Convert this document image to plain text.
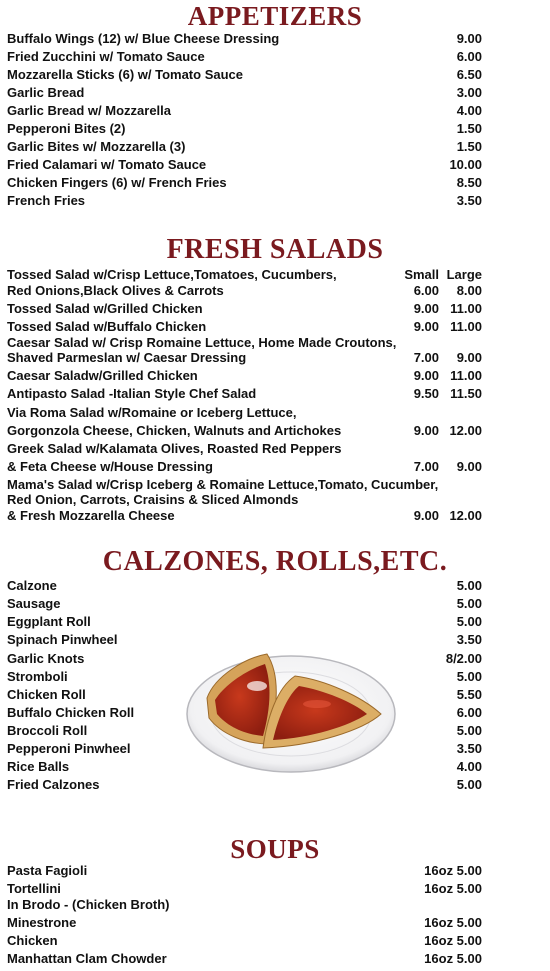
APPETIZERS
Buffalo Wings (12) w/ Blue Cheese Dressing	9.00
Fried Zucchini w/ Tomato Sauce	6.00
Mozzarella Sticks (6) w/ Tomato Sauce	6.50
Garlic Bread	3.00
Garlic Bread w/ Mozzarella	4.00
Pepperoni Bites (2)	1.50
Garlic Bites w/ Mozzarella (3)	1.50
Fried Calamari w/ Tomato Sauce	10.00
Chicken Fingers (6) w/ French Fries	8.50
French Fries	3.50
FRESH SALADS
Tossed Salad w/Crisp Lettuce,Tomatoes, Cucumbers,	Small Large
Red Onions,Black Olives & Carrots	6.00 8.00
Tossed Salad w/Grilled Chicken	9.00 11.00
Tossed Salad w/Buffalo Chicken	9.00 11.00
Caesar Salad w/ Crisp Romaine Lettuce, Home Made Croutons,
Shaved Parmeslan w/ Caesar Dressing	7.00 9.00
Caesar Saladw/Grilled Chicken	9.00 11.00
Antipasto Salad -Italian Style Chef Salad	9.50 11.50
Via Roma Salad w/Romaine or Iceberg Lettuce,
Gorgonzola Cheese, Chicken, Walnuts and Artichokes	9.00 12.00
Greek Salad w/Kalamata Olives, Roasted Red Peppers
& Feta Cheese w/House Dressing	7.00 9.00
Mama's Salad w/Crisp Iceberg & Romaine Lettuce,Tomato, Cucumber,
Red Onion, Carrots, Craisins & Sliced Almonds
& Fresh Mozzarella Cheese	9.00 12.00
CALZONES, ROLLS,ETC.
Calzone	5.00
Sausage	5.00
Eggplant Roll	5.00
Spinach Pinwheel	3.50
Garlic Knots	8/2.00
Stromboli	5.00
Chicken Roll	5.50
Buffalo Chicken Roll	6.00
Broccoli Roll	5.00
Pepperoni Pinwheel	3.50
Rice Balls	4.00
Fried Calzones	5.00
SOUPS
Pasta Fagioli	16oz 5.00
Tortellini	16oz 5.00
In Brodo - (Chicken Broth)
Minestrone	16oz 5.00
Chicken	16oz 5.00
Manhattan Clam Chowder	16oz 5.00
